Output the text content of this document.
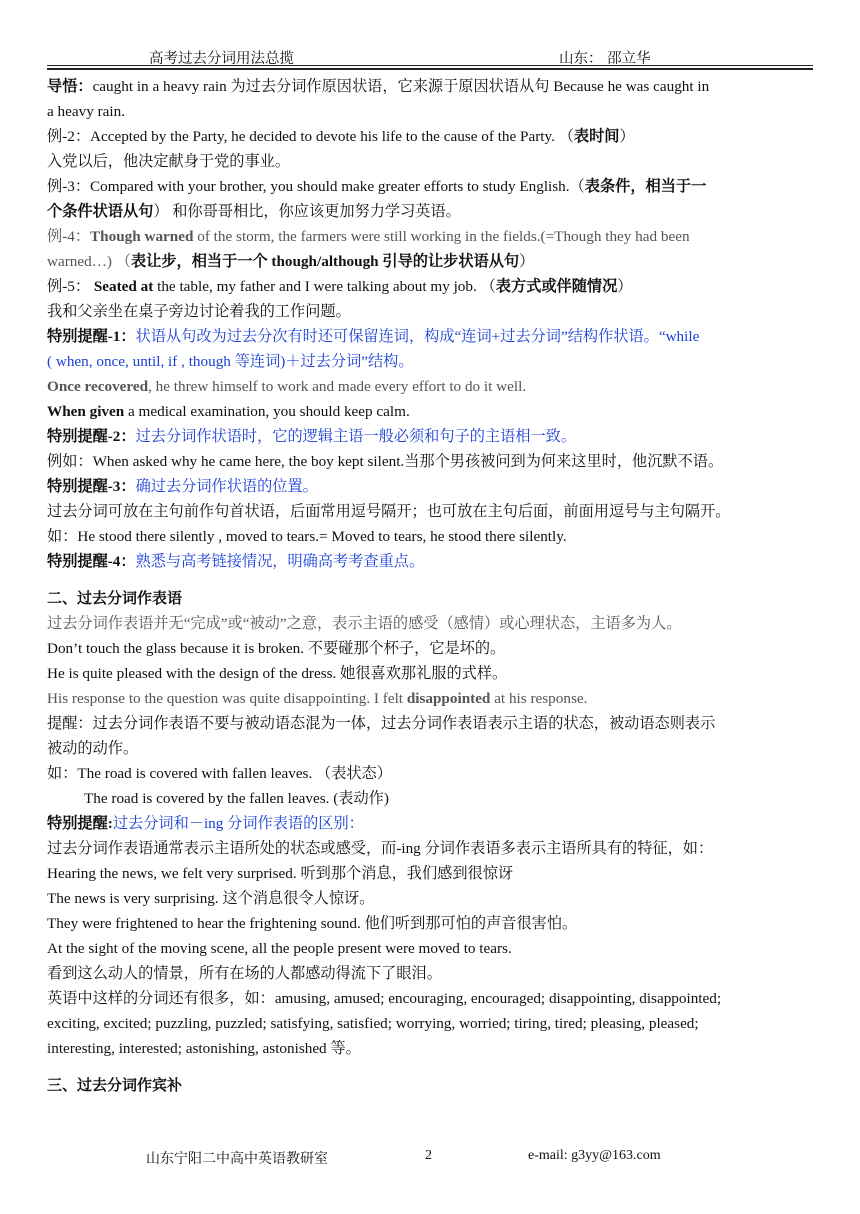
高考过去分词用法总揽	山东： 邵立华
导悟：caught in a heavy rain 为过去分词作原因状语，它来源于原因状语从句 Because he was caught in
a heavy rain.
例-2：Accepted by the Party, he decided to devote his life to the cause of the Party. （表时间）
入党以后，他决定献身于党的事业。
例-3：Compared with your brother, you should make greater efforts to study English.（表条件，相当于一
个条件状语从句） 和你哥哥相比，你应该更加努力学习英语。
例-4：Though warned of the storm, the farmers were still working in the fields.(=Though they had been
warned…) （表让步，相当于一个 though/although 引导的让步状语从句）
例-5： Seated at the table, my father and I were talking about my job. （表方式或伴随情况）
我和父亲坐在桌子旁边讨论着我的工作问题。
特别提醒-1：状语从句改为过去分次有时还可保留连词，构成“连词+过去分词”结构作状语。“while
( when, once, until, if , though 等连词)＋过去分词”结构。
Once recovered, he threw himself to work and made every effort to do it well.
When given a medical examination, you should keep calm.
特别提醒-2：过去分词作状语时，它的逻辑主语一般必须和句子的主语相一致。
例如：When asked why he came here, the boy kept silent.当那个男孩被问到为何来这里时，他沉默不语。
特别提醒-3：确过去分词作状语的位置。
过去分词可放在主句前作句首状语，后面常用逗号隔开；也可放在主句后面，前面用逗号与主句隔开。
如：He stood there silently , moved to tears.= Moved to tears, he stood there silently.
特别提醒-4：熟悉与高考链接情况，明确高考考查重点。
二、过去分词作表语
过去分词作表语并无“完成”或“被动”之意，表示主语的感受（感情）或心理状态，主语多为人。
Don’t touch the glass because it is broken. 不要碰那个杯子，它是坏的。
He is quite pleased with the design of the dress. 她很喜欢那礼服的式样。
His response to the question was quite disappointing. I felt disappointed at his response.
提醒：过去分词作表语不要与被动语态混为一体，过去分词作表语表示主语的状态，被动语态则表示
被动的动作。
如：The road is covered with fallen leaves. （表状态）
The road is covered by the fallen leaves. (表动作)
特别提醒:过去分词和－ing 分词作表语的区别：
过去分词作表语通常表示主语所处的状态或感受，而-ing 分词作表语多表示主语所具有的特征，如：
Hearing the news, we felt very surprised. 听到那个消息，我们感到很惊讶
The news is very surprising. 这个消息很令人惊讶。
They were frightened to hear the frightening sound. 他们听到那可怕的声音很害怕。
At the sight of the moving scene, all the people present were moved to tears.
看到这么动人的情景，所有在场的人都感动得流下了眼泪。
英语中这样的分词还有很多，如：amusing, amused; encouraging, encouraged; disappointing, disappointed;
exciting, excited; puzzling, puzzled; satisfying, satisfied; worrying, worried; tiring, tired; pleasing, pleased;
interesting, interested; astonishing, astonished 等。
三、过去分词作宾补
山东宁阳二中高中英语教研室	2	e-mail: g3yy@163.com
